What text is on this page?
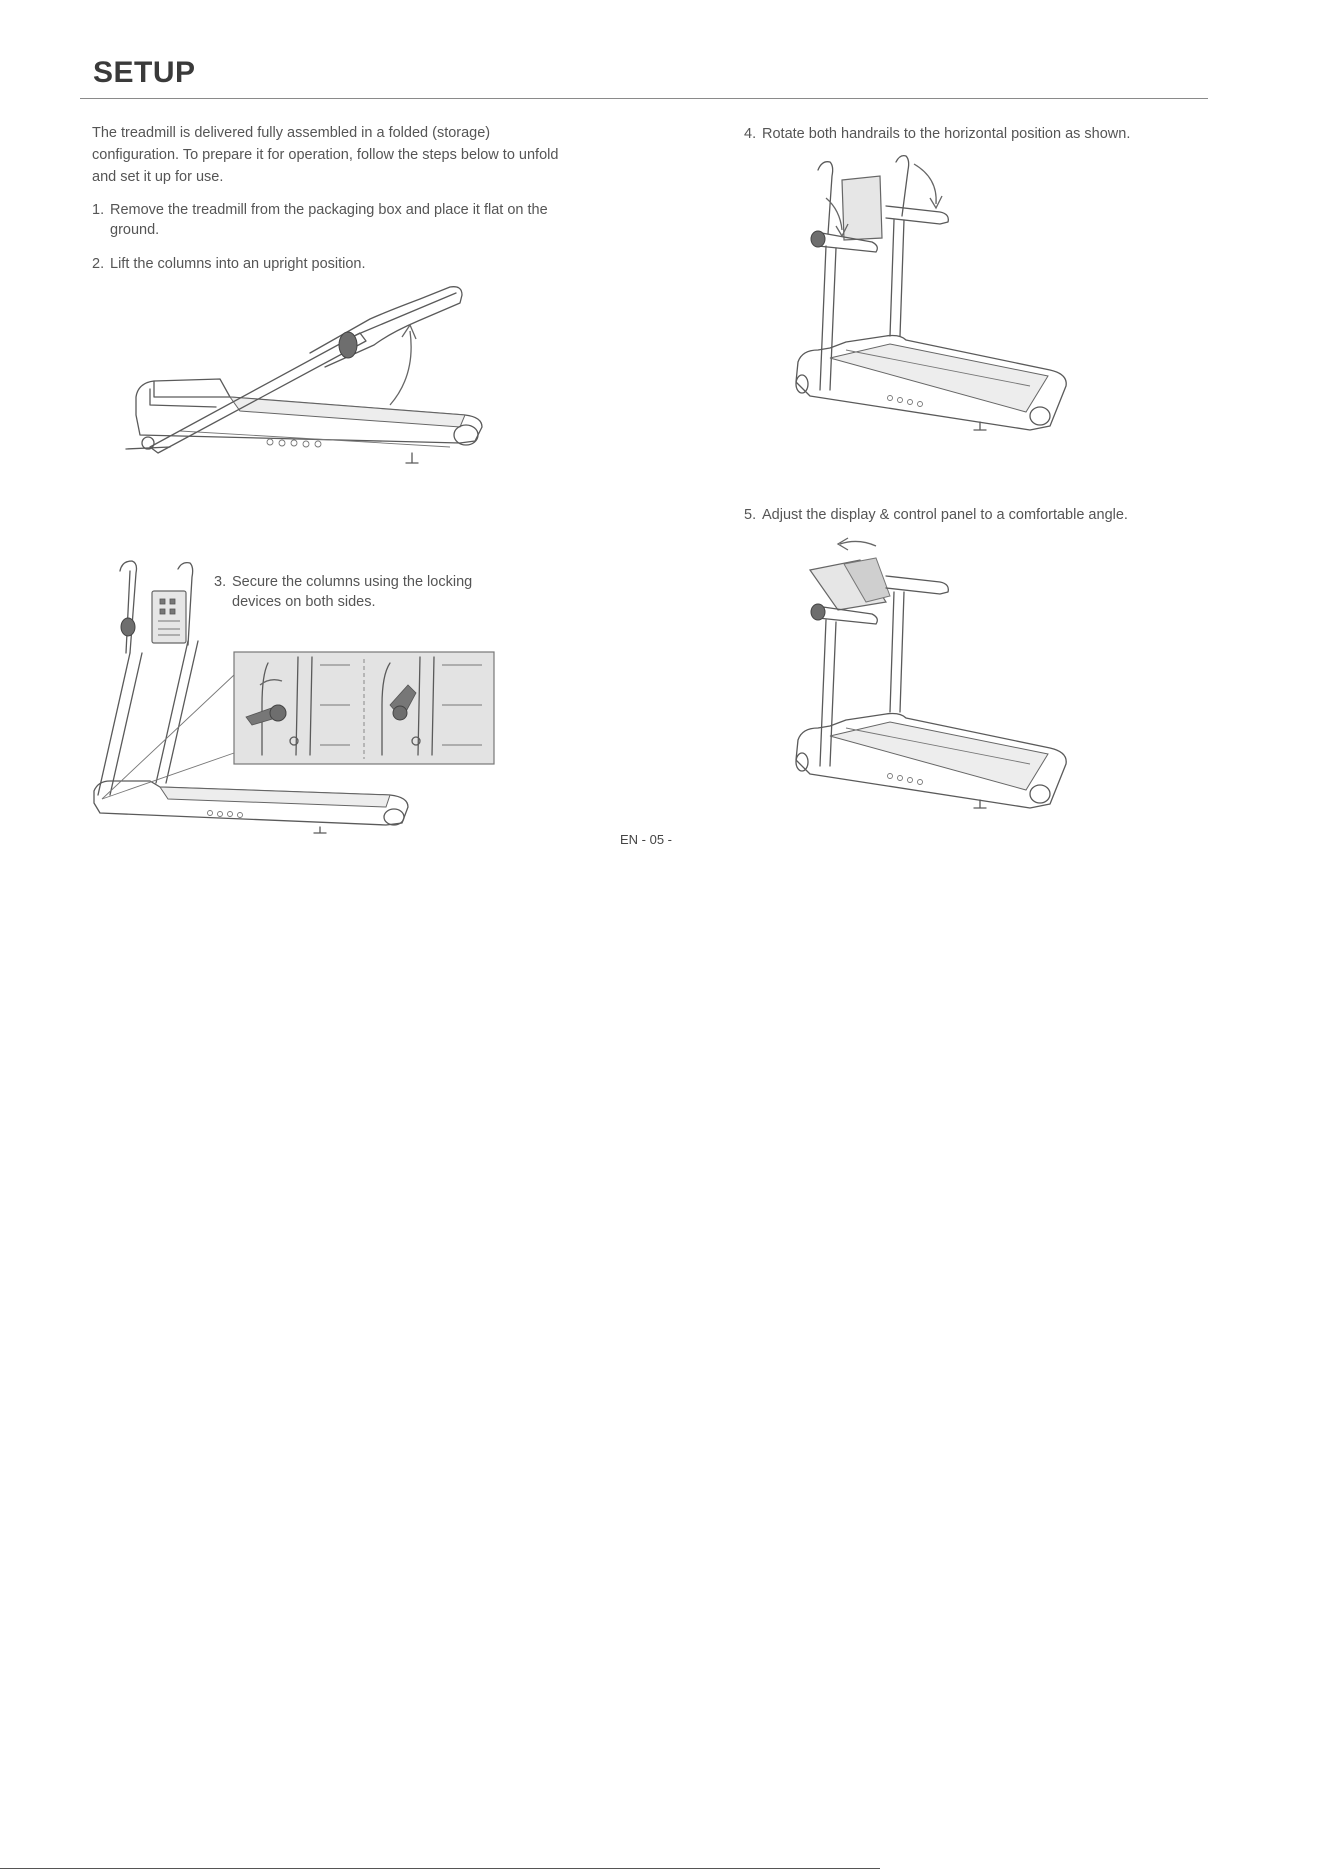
SETUP

The treadmill is delivered fully assembled in a folded (storage) configuration. To prepare it for operation, follow the steps below to unfold and set it up for use.

1. Remove the treadmill from the packaging box and place it flat on the ground.
2. Lift the columns into an upright position.
3. Secure the columns using the locking devices on both sides.
4. Rotate both handrails to the horizontal position as shown.
5. Adjust the display & control panel to a comfortable angle.
EN - 05 -
